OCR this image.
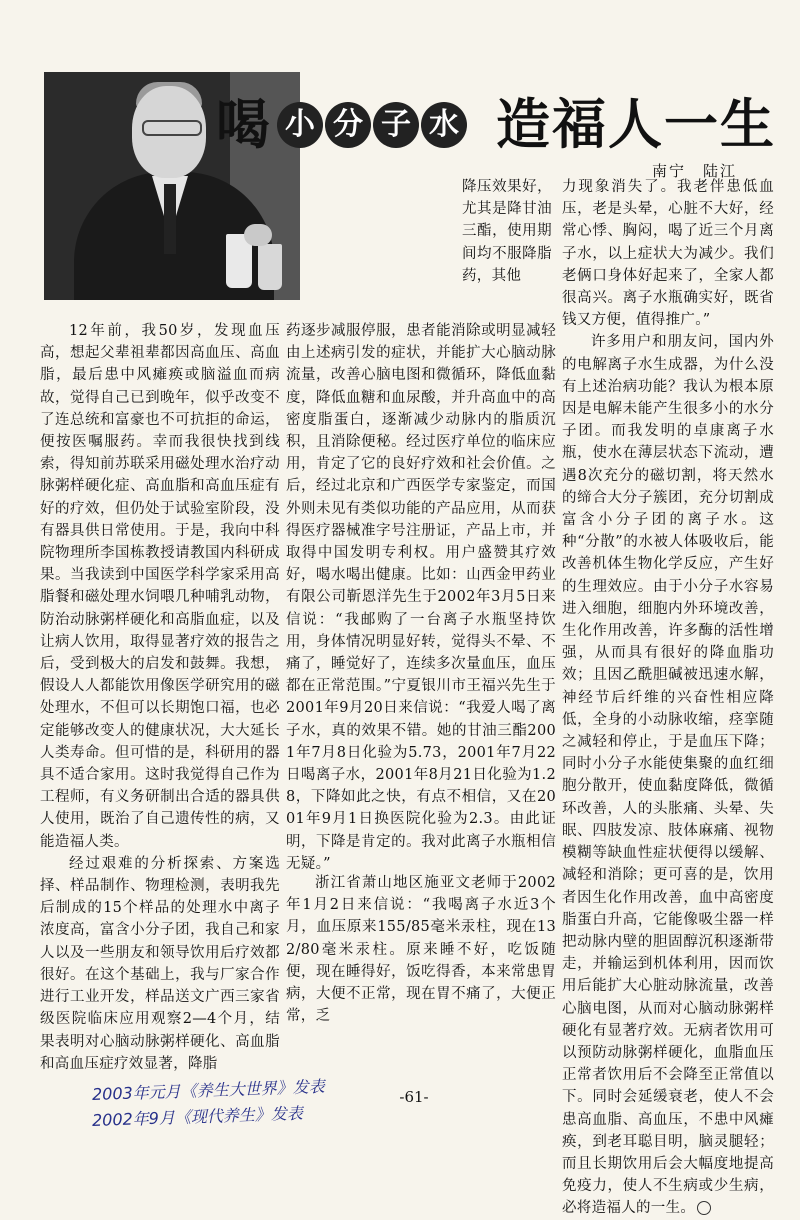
喝 小 分 子 水 造福人一生
南宁　陆江
降压效果好，尤其是降甘油三酯，使用期间均不服降脂药，其他

12年前，我50岁，发现血压高，想起父辈祖辈都因高血压、高血脂，最后患中风瘫痪或脑溢血而病故，觉得自己已到晚年，似乎改变不了连总统和富豪也不可抗拒的命运，便按医嘱服药。幸而我很快找到线索，得知前苏联采用磁处理水治疗动脉粥样硬化症、高血脂和高血压症有好的疗效，但仍处于试验室阶段，没有器具供日常使用。于是，我向中科院物理所李国栋教授请教国内科研成果。当我读到中国医学科学家采用高脂餐和磁处理水饲喂几种哺乳动物，防治动脉粥样硬化和高脂血症，以及让病人饮用，取得显著疗效的报告之后，受到极大的启发和鼓舞。我想，假设人人都能饮用像医学研究用的磁处理水，不但可以长期饱口福，也必定能够改变人的健康状况，大大延长人类寿命。但可惜的是，科研用的器具不适合家用。这时我觉得自己作为工程师，有义务研制出合适的器具供人使用，既治了自己遗传性的病，又能造福人类。

经过艰难的分析探索、方案选择、样品制作、物理检测，表明我先后制成的15个样品的处理水中离子浓度高，富含小分子团，我自己和家人以及一些朋友和领导饮用后疗效都很好。在这个基础上，我与厂家合作进行工业开发，样品送文广西三家省级医院临床应用观察2—4个月，结果表明对心脑动脉粥样硬化、高血脂和高血压症疗效显著，降脂

药逐步减服停服，患者能消除或明显减轻由上述病引发的症状，并能扩大心脑动脉流量，改善心脑电图和微循环，降低血黏度，降低血糖和血尿酸，并升高血中的高密度脂蛋白，逐渐减少动脉内的脂质沉积，且消除便秘。经过医疗单位的临床应用，肯定了它的良好疗效和社会价值。之后，经过北京和广西医学专家鉴定，而国外则未见有类似功能的产品应用，从而获得医疗器械准字号注册证，产品上市，并取得中国发明专利权。用户盛赞其疗效好，喝水喝出健康。比如：山西金甲药业有限公司靳恩洋先生于2002年3月5日来信说：“我邮购了一台离子水瓶坚持饮用，身体情况明显好转，觉得头不晕、不痛了，睡觉好了，连续多次量血压，血压都在正常范围。”宁夏银川市王福兴先生于2001年9月20日来信说：“我爱人喝了离子水，真的效果不错。她的甘油三酯2001年7月8日化验为5.73，2001年7月22日喝离子水，2001年8月21日化验为1.28，下降如此之快，有点不相信，又在2001年9月1日换医院化验为2.3。由此证明，下降是肯定的。我对此离子水瓶相信无疑。”

浙江省萧山地区施亚文老师于2002年1月2日来信说：“我喝离子水近3个月，血压原来155/85毫米汞柱，现在132/80毫米汞柱。原来睡不好，吃饭随便，现在睡得好，饭吃得香，本来常患胃病，大便不正常，现在胃不痛了，大便正常，乏

力现象消失了。我老伴患低血压，老是头晕，心脏不大好，经常心悸、胸闷，喝了近三个月离子水，以上症状大为减少。我们老俩口身体好起来了，全家人都很高兴。离子水瓶确实好，既省钱又方便，值得推广。”

许多用户和朋友问，国内外的电解离子水生成器，为什么没有上述治病功能？我认为根本原因是电解未能产生很多小的水分子团。而我发明的卓康离子水瓶，使水在薄层状态下流动，遭遇8次充分的磁切割，将天然水的缔合大分子簇团，充分切割成富含小分子团的离子水。这种“分散”的水被人体吸收后，能改善机体生物化学反应，产生好的生理效应。由于小分子水容易进入细胞，细胞内外环境改善，生化作用改善，许多酶的活性增强，从而具有很好的降血脂功效；且因乙酰胆碱被迅速水解，神经节后纤维的兴奋性相应降低，全身的小动脉收缩，痉挛随之减轻和停止，于是血压下降；同时小分子水能使集聚的血红细胞分散开，使血黏度降低，微循环改善，人的头胀痛、头晕、失眠、四肢发凉、肢体麻痛、视物模糊等缺血性症状便得以缓解、减轻和消除；更可喜的是，饮用者因生化作用改善，血中高密度脂蛋白升高，它能像吸尘器一样把动脉内壁的胆固醇沉积逐渐带走，并输运到机体利用，因而饮用后能扩大心脏动脉流量，改善心脑电图，从而对心脑动脉粥样硬化有显著疗效。无病者饮用可以预防动脉粥样硬化，血脂血压正常者饮用后不会降至正常值以下。同时会延缓衰老，使人不会患高血脂、高血压，不患中风瘫痪，到老耳聪目明，脑灵腿轻；而且长期饮用后会大幅度地提高免疫力，使人不生病或少生病，必将造福人的一生。

-61-
2003年元月《养生大世界》发表
2002年9月《现代养生》发表
